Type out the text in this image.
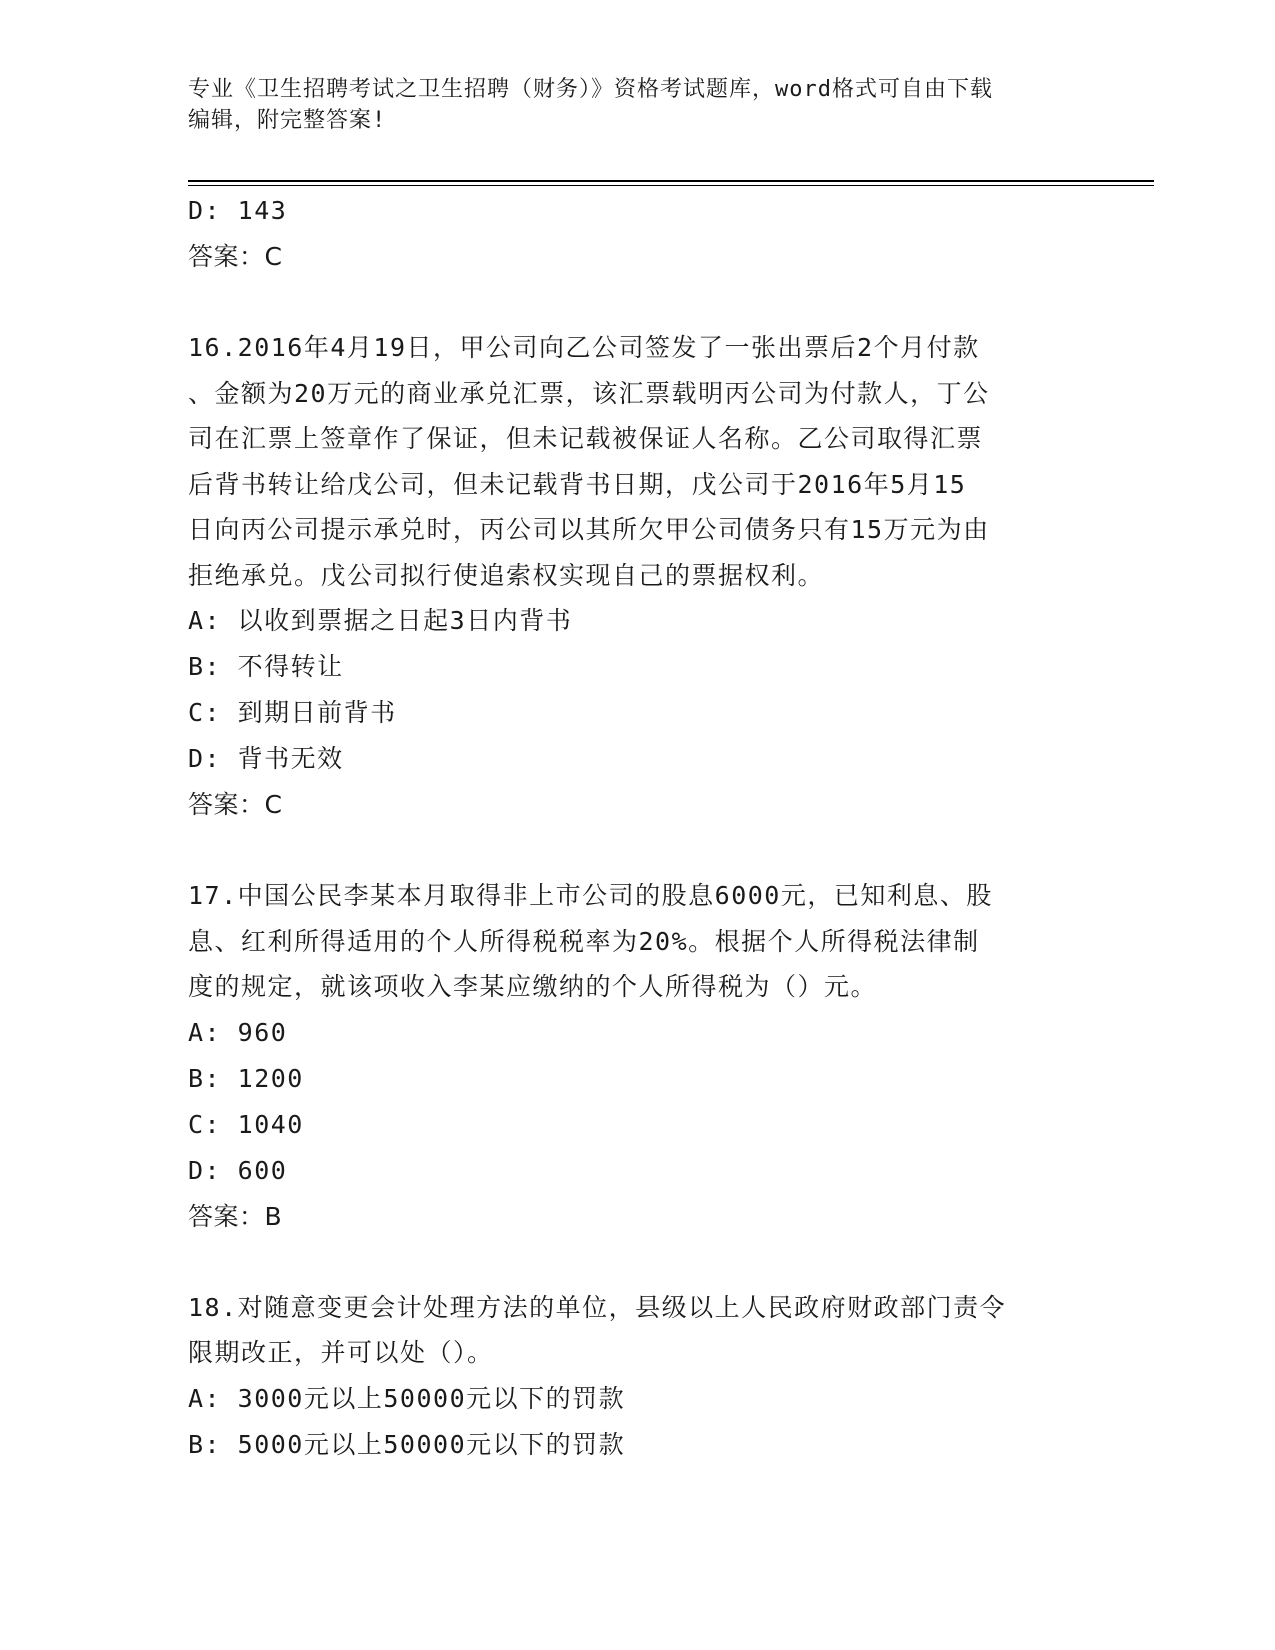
专业《卫生招聘考试之卫生招聘（财务）》资格考试题库，word格式可自由下载
编辑，附完整答案!
D: 143
答案：C
16.2016年4月19日，甲公司向乙公司签发了一张出票后2个月付款
、金额为20万元的商业承兑汇票，该汇票载明丙公司为付款人，丁公
司在汇票上签章作了保证，但未记载被保证人名称。乙公司取得汇票
后背书转让给戊公司，但未记载背书日期，戊公司于2016年5月15
日向丙公司提示承兑时，丙公司以其所欠甲公司债务只有15万元为由
拒绝承兑。戊公司拟行使追索权实现自己的票据权利。
A: 以收到票据之日起3日内背书
B: 不得转让
C: 到期日前背书
D: 背书无效
答案：C
17.中国公民李某本月取得非上市公司的股息6000元，已知利息、股
息、红利所得适用的个人所得税税率为20%。根据个人所得税法律制
度的规定，就该项收入李某应缴纳的个人所得税为（）元。
A: 960
B: 1200
C: 1040
D: 600
答案：B
18.对随意变更会计处理方法的单位，县级以上人民政府财政部门责令
限期改正，并可以处（）。
A: 3000元以上50000元以下的罚款
B: 5000元以上50000元以下的罚款
